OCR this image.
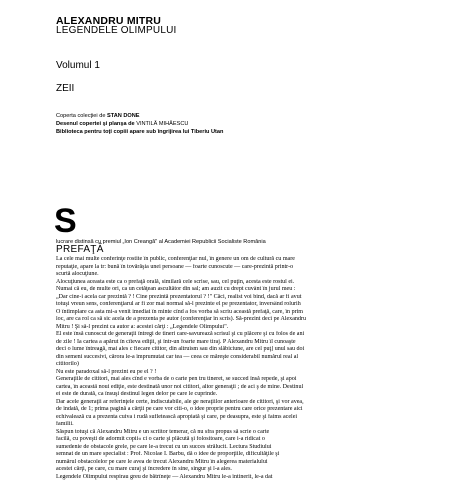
ALEXANDRU MITRU
LEGENDELE OLIMPULUI
Volumul 1
ZEII
Coperta colecţiei de STAN DONE
Desenul copertei şi planşa de VINTILĂ MIHĂESCU
Biblioteca pentru toţi copiii apare sub îngrijirea lui Tiberiu Utan
S
lucrare distinsă cu premiul „Ion Creangă" al Academiei Republicii Socialiste România
PREFAŢĂ
La cele mai multe conferinţe rostite în public, conferenţiar nul, în genere un om de cultură cu mare
reputaţie, apare la tr: bună în tovărăşia unei persoane — foarte cunoscute — care-prezintă printr-o
scurtă alocuţiune.
Alocuţiunea aceasta este ca o prefaţă orală, similară cele scrise, sau, cel puţin, acesta este rostul ei.
Numai că eu, de multe ori, ca un cetăţean ascultător din sal; am auzit cu drept cuvânt în jurul meu :
„Dar cine-i acela car prezintă ? ! Cine prezintă prezentatorul ? !" Căci, realist voi bind, dacă ar fi avut
totuşi vreun sens, conferenţiarul ar fi zor mai normal să-l prezinte el pe prezentator, inversând rolurih
O întîmplare ca asta mi-a venit imediat în minte cînd a fos vorba să scriu această prefaţă, care, în prim
loc, are ca rol ca să sic acela de a prezenta pe autor (conferenţiar în scris). Să-prezint deci pe Alexandru
Mitru ! Şi să-l prezint ca autor a: acestei cărţi : „Legendele Olimpului".
El este însă cunoscut de generaţii întregi de tineri care-savurează scrisul şi cu plăcere şi cu folos de ani
de zile ! Ia cartea a apărut în cîteva ediţii, şi într-un foarte mare tiraj. P Alexandru Mitru îl cunoaşte
deci o lume întreagă, mai ales c fiecare cititor, din altruism sau din slăbiciune, are cel puţ] unul sau doi
din semeni succesivi, cărora le-a împrumutat car tea — ceea ce măreşte considerabil numărul real al
cititorilo)
Nu este paradoxal să-l prezint eu pe el ? !
Generaţiile de cititori, mai ales cînd e vorba de o carte pen tru tineret, se succed însă repede, şi apoi
cartea, în aceastä noui ediţie, este destinată unor noi cititori, altor generaţii ; de aci ş de mine. Destinul
ei este de durată, ca însuşi destinul legen delor pe care le cuprinde.
Dar acele generaţii ar referinţele certe, indiscutabile, ale ge neraţiilor anterioare de cititori, şi vor avea,
de îndată, de 1; prima pagină a cărţii pe care vor citi-o, o idee proprie pentru care orice prezentare aici
echivalează cu a prezenta cuiva i rudă sufletească apropiată şi care, pe deasupra, este şi faims acelei
familii.
Săspun totuşi că Alexandru Mitru e un scriitor temerar, că nu sfra propus să scrie o carte
facilă, cu poveşti de adormit copii« ci o carte şi plăcută şi folositoare, care i-a ridicat o
sumedenie de obstacole grele, pe care le-a trecut cu un succes strălucit. Lectura Studiului
semnat de un mare specialist : Prof. Nicolae I. Barbu, dă o idee de proporţiile, dificultăţile şi
numărul obstacolelor pe care le avea de trecut Alexandru Mitru în alegerea materialului
acestei cărţi, pe care, cu mare curaj şi încredere în sine, singur şi l-a ales.
Legendele Olimpului respirau greu de bătrîneţe — Alexandru Mitru le-a întinerit, le-a dat
